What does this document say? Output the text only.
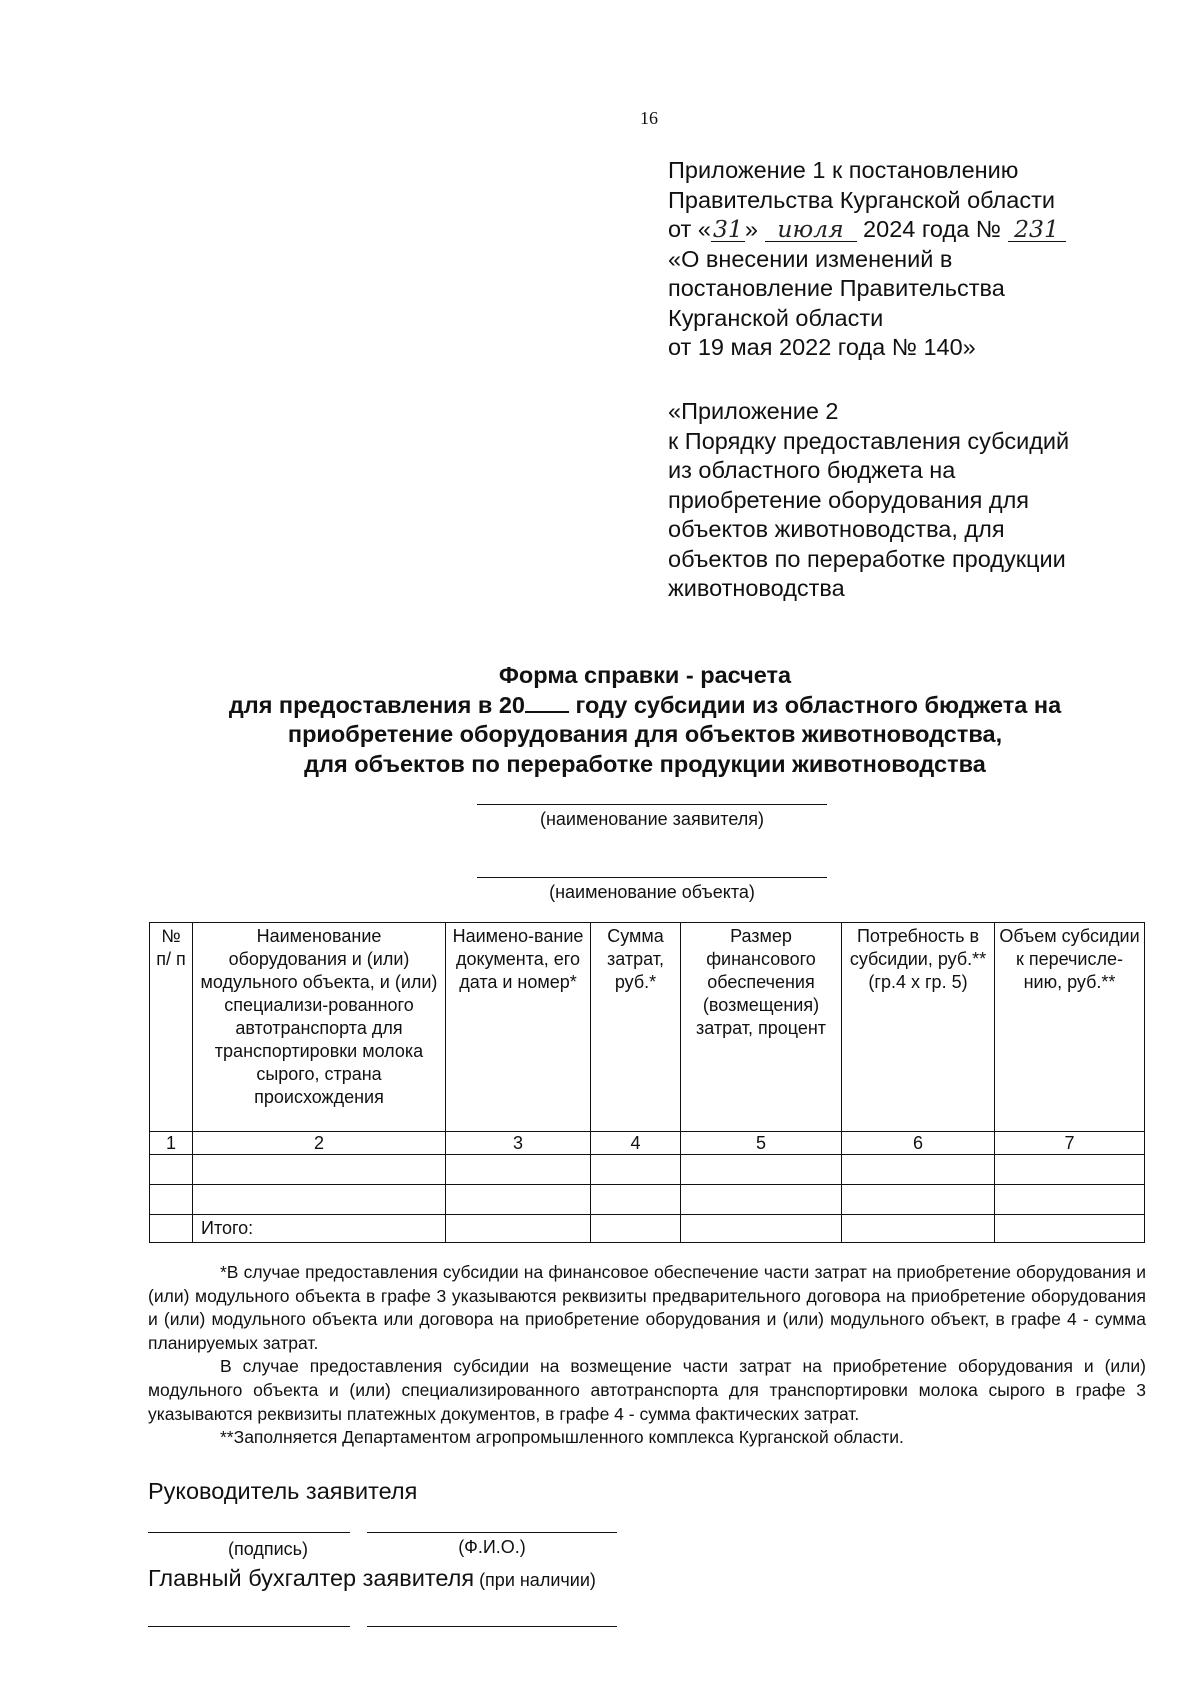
16
Приложение 1 к постановлению
Правительства Курганской области
от «31» июля 2024 года № 231
«О внесении изменений в
постановление Правительства
Курганской области
от 19 мая 2022 года № 140»
«Приложение 2
к Порядку предоставления субсидий
из областного бюджета на
приобретение оборудования для
объектов животноводства, для
объектов по переработке продукции
животноводства
Форма справки - расчета
для предоставления в 20 году субсидии из областного бюджета на
приобретение оборудования для объектов животноводства,
для объектов по переработке продукции животноводства
(наименование заявителя)
(наименование объекта)
№ п/ п	Наименование оборудования и (или) модульного объекта, и (или) специализи-рованного автотранспорта для транспортировки молока сырого, страна происхождения	Наимено-вание документа, его дата и номер*	Сумма затрат, руб.*	Размер финансового обеспечения (возмещения) затрат, процент	Потребность в субсидии, руб.** (гр.4 х гр. 5)	Объем субсидии к перечисле-нию, руб.**
1	2	3	4	5	6	7

	Итого:					

*В случае предоставления субсидии на финансовое обеспечение части затрат на приобретение оборудования и (или) модульного объекта в графе 3 указываются реквизиты предварительного договора на приобретение оборудования и (или) модульного объекта или договора на приобретение оборудования и (или) модульного объект, в графе 4 - сумма планируемых затрат.

В случае предоставления субсидии на возмещение части затрат на приобретение оборудования и (или) модульного объекта и (или) специализированного автотранспорта для транспортировки молока сырого в графе 3 указываются реквизиты платежных документов, в графе 4 - сумма фактических затрат.

**Заполняется Департаментом агропромышленного комплекса Курганской области.

Руководитель заявителя
(подпись)	(Ф.И.О.)
Главный бухгалтер заявителя (при наличии)
